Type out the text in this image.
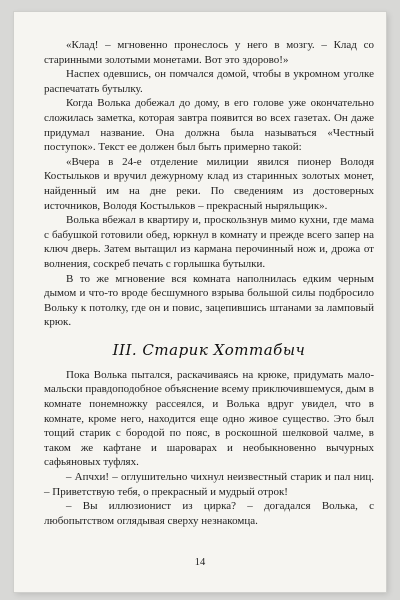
«Клад! – мгновенно пронеслось у него в мозгу. – Клад со старинными золотыми монетами. Вот это здорово!»

Наспех одевшись, он помчался домой, чтобы в укромном уголке распечатать бутылку.

Когда Волька добежал до дому, в его голове уже окончательно сложилась заметка, которая завтра появится во всех газетах. Он даже придумал название. Она должна была называться «Честный поступок». Текст ее должен был быть примерно такой:

«Вчера в 24-е отделение милиции явился пионер Володя Костыльков и вручил дежурному клад из старинных золотых монет, найденный им на дне реки. По сведениям из достоверных источников, Володя Костыльков – прекрасный ныряльщик».

Волька вбежал в квартиру и, проскользнув мимо кухни, где мама с бабушкой готовили обед, юркнул в комнату и прежде всего запер на ключ дверь. Затем вытащил из кармана перочинный нож и, дрожа от волнения, соскреб печать с горлышка бутылки.

В то же мгновение вся комната наполнилась едким черным дымом и что-то вроде бесшумного взрыва большой силы подбросило Вольку к потолку, где он и повис, зацепившись штанами за ламповый крюк.

III. Старик Хоттабыч

Пока Волька пытался, раскачиваясь на крюке, придумать мало-мальски правдоподобное объяснение всему приключившемуся, дым в комнате понемножку рассеялся, и Волька вдруг увидел, что в комнате, кроме него, находится еще одно живое существо. Это был тощий старик с бородой по пояс, в роскошной шелковой чалме, в таком же кафтане и шароварах и необыкновенно вычурных сафьяновых туфлях.

– Апчхи! – оглушительно чихнул неизвестный старик и пал ниц. – Приветствую тебя, о прекрасный и мудрый отрок!

– Вы иллюзионист из цирка? – догадался Волька, с любопытством оглядывая сверху незнакомца.

14
